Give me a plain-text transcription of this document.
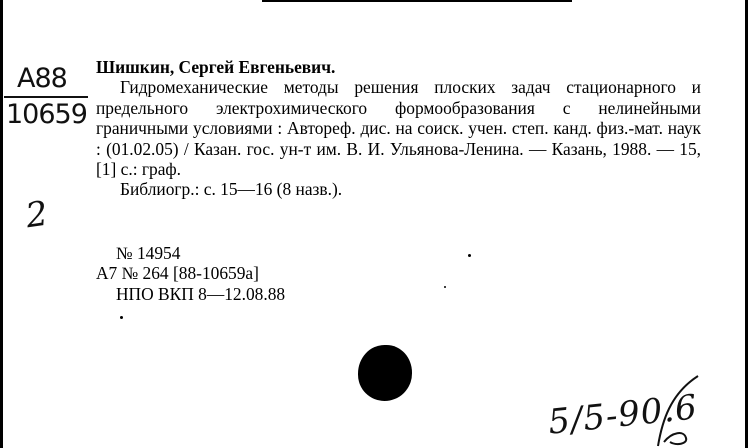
А88
10659
2
Шишкин, Сергей Евгеньевич.
Гидромеханические методы решения плоских задач стационарного и предельного электрохимического формообразования с нелинейными граничными условиями : Автореф. дис. на соиск. учен. степ. канд. физ.-мат. наук : (01.02.05) / Казан. гос. ун-т им. В. И. Ульянова-Ленина. — Казань, 1988. — 15, [1] с.: граф.
Библиогр.: с. 15—16 (8 назв.).
№ 14954
А7 № 264 [88-10659а]
НПО ВКП 8—12.08.88
5/5-90.6
